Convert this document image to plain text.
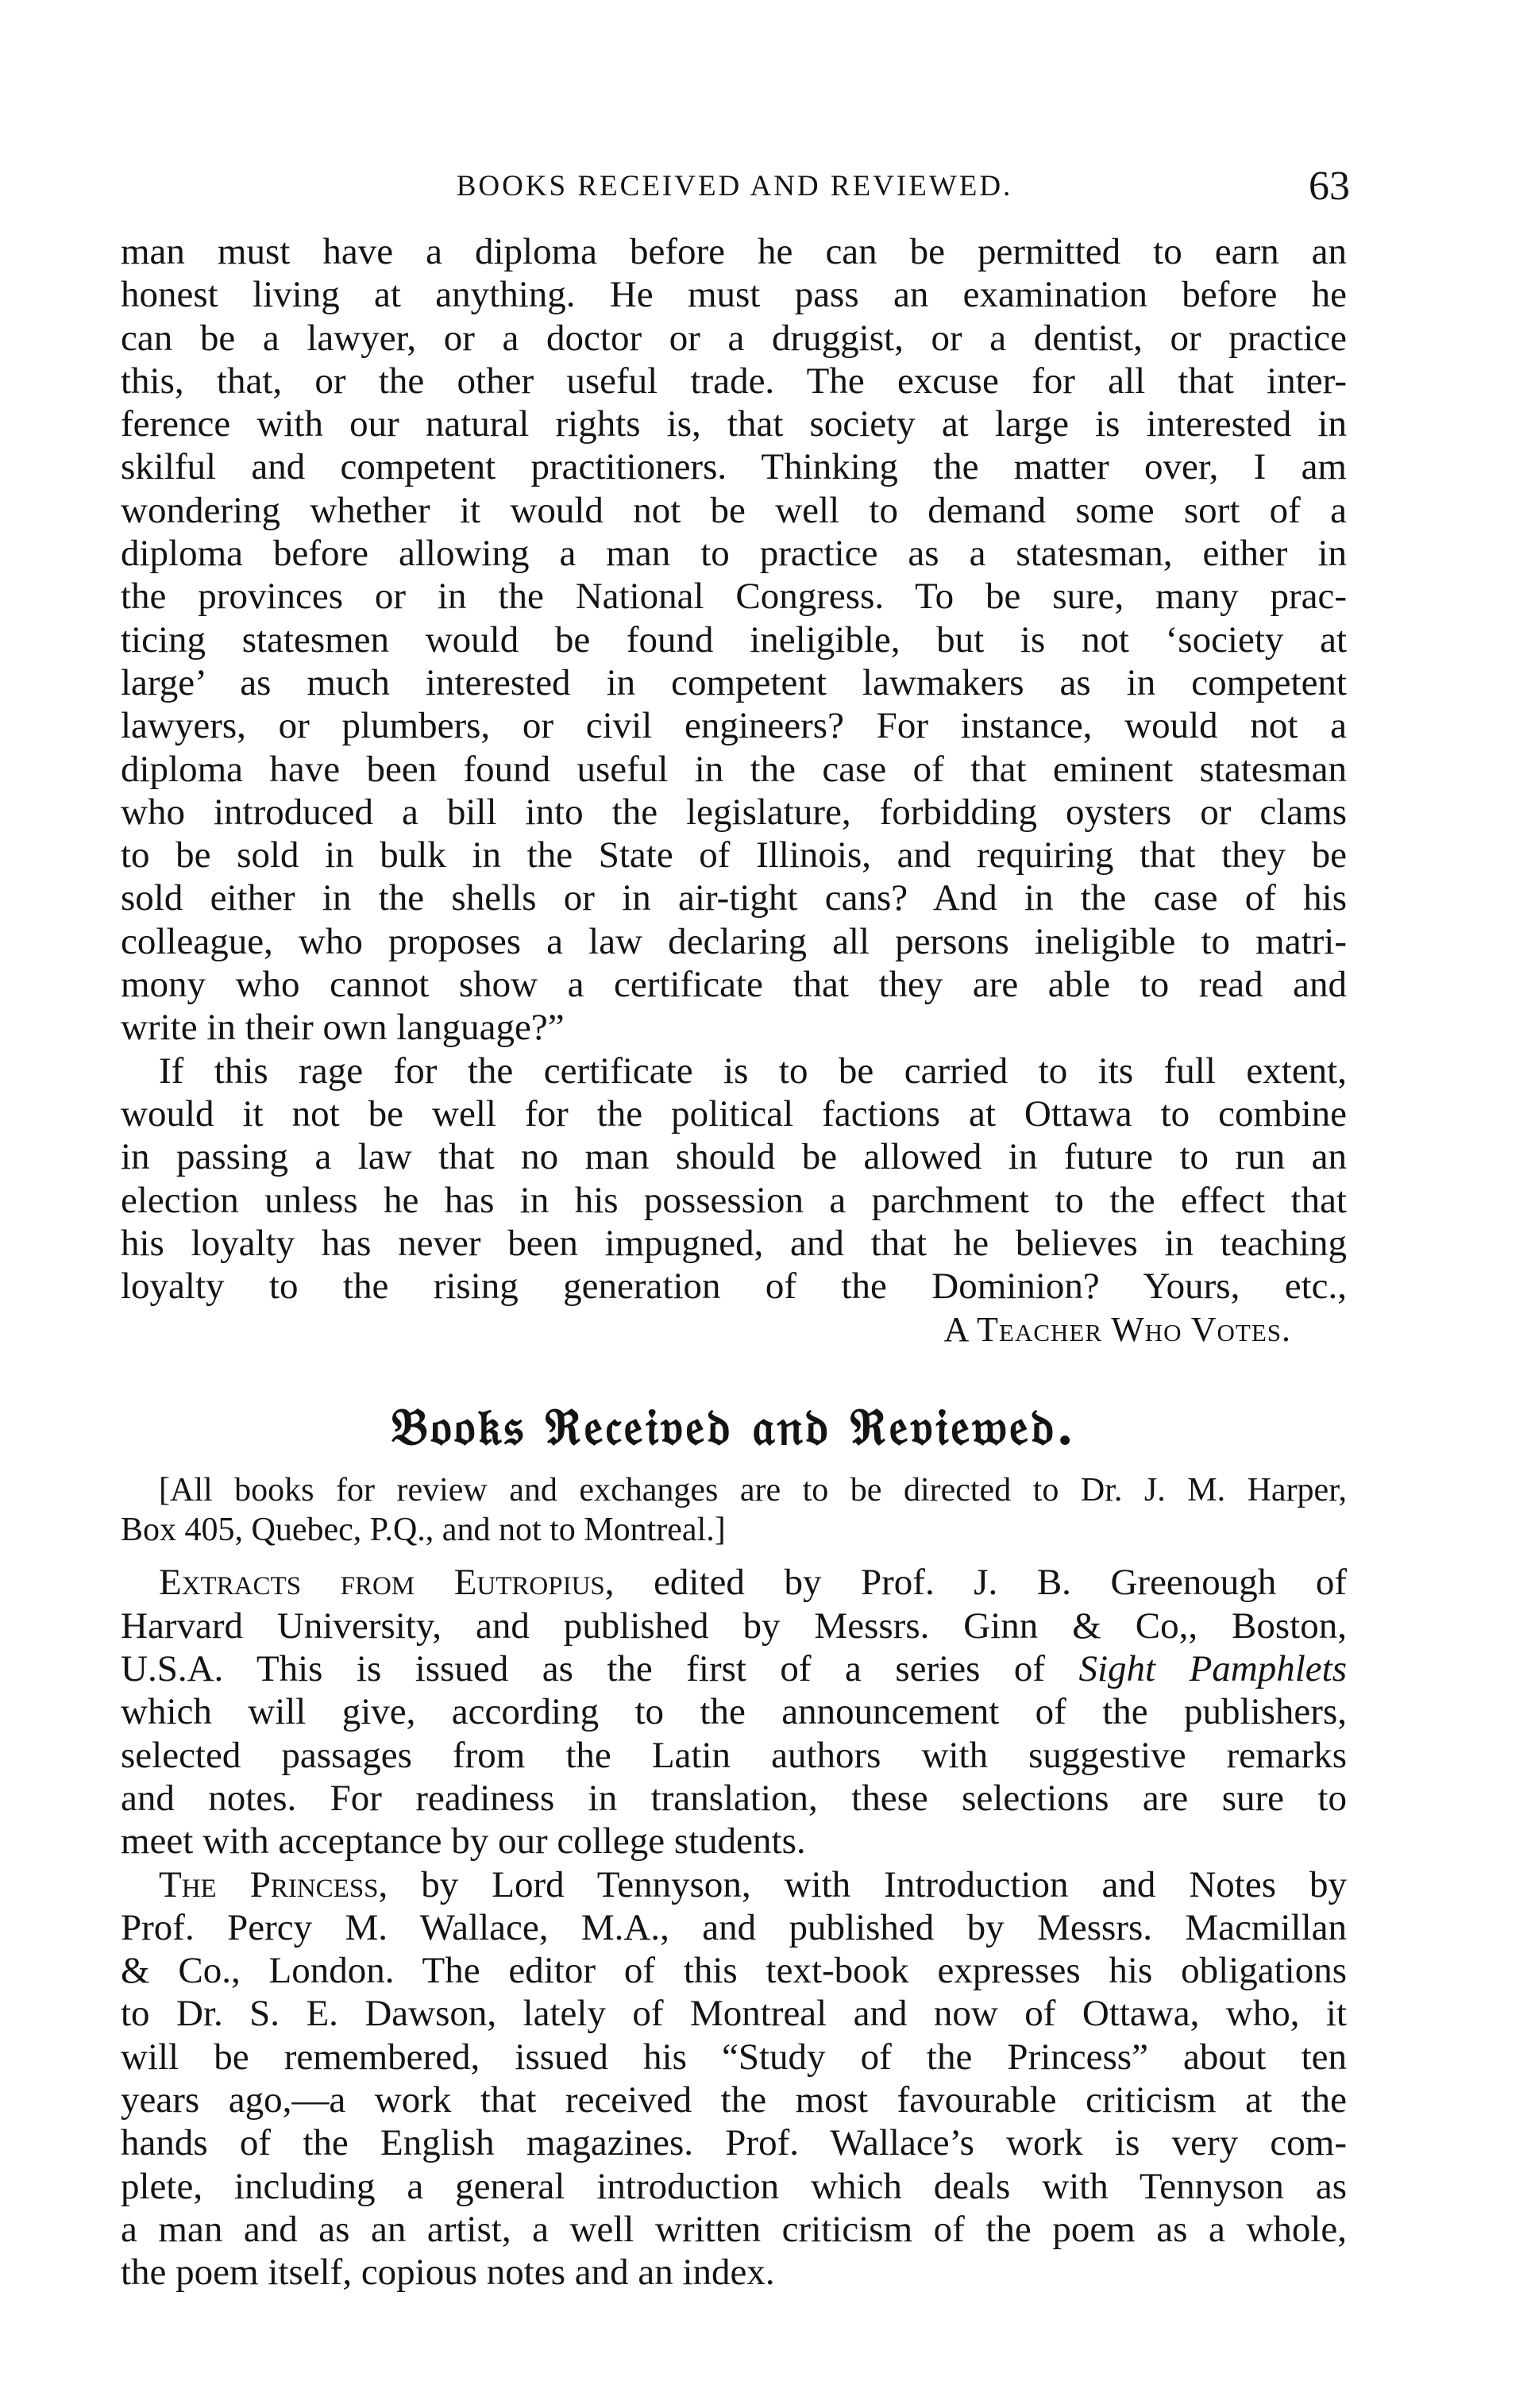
BOOKS RECEIVED AND REVIEWED.	63
man must have a diploma before he can be permitted to earn an
honest living at anything. He must pass an examination before he
can be a lawyer, or a doctor or a druggist, or a dentist, or practice
this, that, or the other useful trade. The excuse for all that inter-
ference with our natural rights is, that society at large is interested in
skilful and competent practitioners. Thinking the matter over, I am
wondering whether it would not be well to demand some sort of a
diploma before allowing a man to practice as a statesman, either in
the provinces or in the National Congress. To be sure, many prac-
ticing statesmen would be found ineligible, but is not ‘society at
large’ as much interested in competent lawmakers as in competent
lawyers, or plumbers, or civil engineers? For instance, would not a
diploma have been found useful in the case of that eminent statesman
who introduced a bill into the legislature, forbidding oysters or clams
to be sold in bulk in the State of Illinois, and requiring that they be
sold either in the shells or in air-tight cans? And in the case of his
colleague, who proposes a law declaring all persons ineligible to matri-
mony who cannot show a certificate that they are able to read and
write in their own language?”
If this rage for the certificate is to be carried to its full extent,
would it not be well for the political factions at Ottawa to combine
in passing a law that no man should be allowed in future to run an
election unless he has in his possession a parchment to the effect that
his loyalty has never been impugned, and that he believes in teaching
loyalty to the rising generation of the Dominion? Yours, etc.,
A Teacher Who Votes.
𝔅𝔬𝔬𝔨𝔰 ℜ𝔢𝔠𝔢𝔦𝔳𝔢𝔡 𝔞𝔫𝔡 ℜ𝔢𝔳𝔦𝔢𝔴𝔢𝔡.
[All books for review and exchanges are to be directed to Dr. J. M. Harper,
Box 405, Quebec, P.Q., and not to Montreal.]
Extracts from Eutropius, edited by Prof. J. B. Greenough of
Harvard University, and published by Messrs. Ginn & Co,, Boston,
U.S.A. This is issued as the first of a series of Sight Pamphlets
which will give, according to the announcement of the publishers,
selected passages from the Latin authors with suggestive remarks
and notes. For readiness in translation, these selections are sure to
meet with acceptance by our college students.
The Princess, by Lord Tennyson, with Introduction and Notes by
Prof. Percy M. Wallace, M.A., and published by Messrs. Macmillan
& Co., London. The editor of this text-book expresses his obligations
to Dr. S. E. Dawson, lately of Montreal and now of Ottawa, who, it
will be remembered, issued his “Study of the Princess” about ten
years ago,—a work that received the most favourable criticism at the
hands of the English magazines. Prof. Wallace’s work is very com-
plete, including a general introduction which deals with Tennyson as
a man and as an artist, a well written criticism of the poem as a whole,
the poem itself, copious notes and an index.
